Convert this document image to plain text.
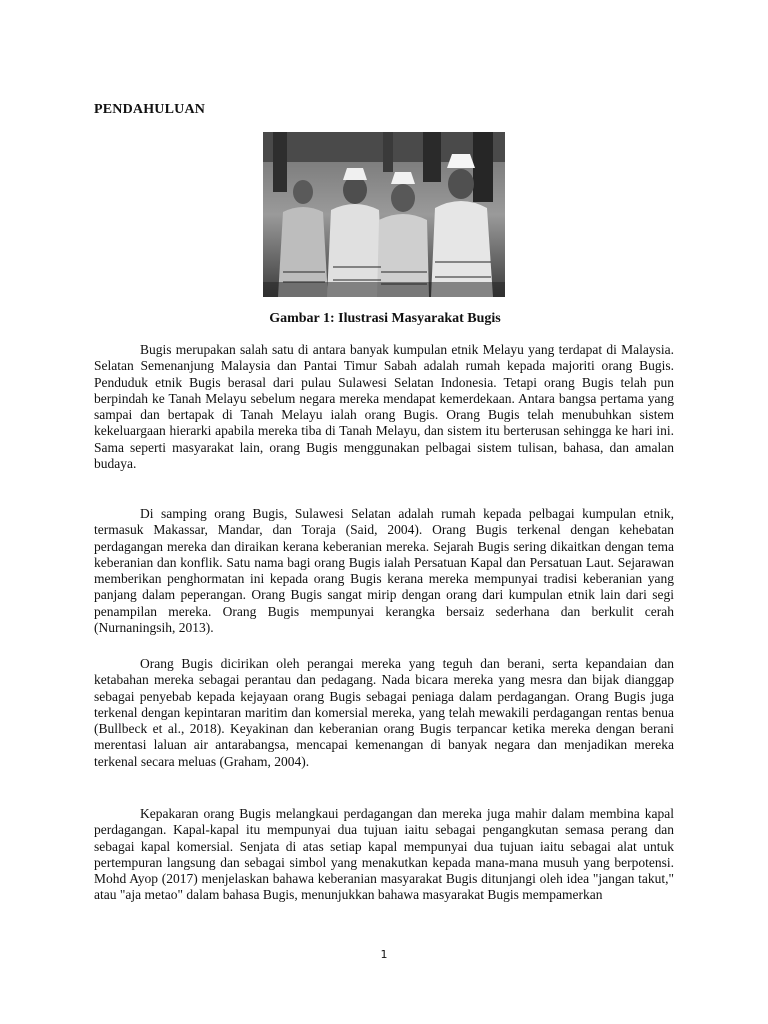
PENDAHULUAN
Gambar 1: Ilustrasi Masyarakat Bugis

Bugis merupakan salah satu di antara banyak kumpulan etnik Melayu yang terdapat di Malaysia. Selatan Semenanjung Malaysia dan Pantai Timur Sabah adalah rumah kepada majoriti orang Bugis. Penduduk etnik Bugis berasal dari pulau Sulawesi Selatan Indonesia. Tetapi orang Bugis telah pun berpindah ke Tanah Melayu sebelum negara mereka mendapat kemerdekaan. Antara bangsa pertama yang sampai dan bertapak di Tanah Melayu ialah orang Bugis. Orang Bugis telah menubuhkan sistem kekeluargaan hierarki apabila mereka tiba di Tanah Melayu, dan sistem itu berterusan sehingga ke hari ini. Sama seperti masyarakat lain, orang Bugis menggunakan pelbagai sistem tulisan, bahasa, dan amalan budaya.

Di samping orang Bugis, Sulawesi Selatan adalah rumah kepada pelbagai kumpulan etnik, termasuk Makassar, Mandar, dan Toraja (Said, 2004). Orang Bugis terkenal dengan kehebatan perdagangan mereka dan diraikan kerana keberanian mereka. Sejarah Bugis sering dikaitkan dengan tema keberanian dan konflik. Satu nama bagi orang Bugis ialah Persatuan Kapal dan Persatuan Laut. Sejarawan memberikan penghormatan ini kepada orang Bugis kerana mereka mempunyai tradisi keberanian yang panjang dalam peperangan. Orang Bugis sangat mirip dengan orang dari kumpulan etnik lain dari segi penampilan mereka. Orang Bugis mempunyai kerangka bersaiz sederhana dan berkulit cerah (Nurnaningsih, 2013).

Orang Bugis dicirikan oleh perangai mereka yang teguh dan berani, serta kepandaian dan ketabahan mereka sebagai perantau dan pedagang. Nada bicara mereka yang mesra dan bijak dianggap sebagai penyebab kepada kejayaan orang Bugis sebagai peniaga dalam perdagangan. Orang Bugis juga terkenal dengan kepintaran maritim dan komersial mereka, yang telah mewakili perdagangan rentas benua (Bullbeck et al., 2018). Keyakinan dan keberanian orang Bugis terpancar ketika mereka dengan berani merentasi laluan air antarabangsa, mencapai kemenangan di banyak negara dan menjadikan mereka terkenal secara meluas (Graham, 2004).

Kepakaran orang Bugis melangkaui perdagangan dan mereka juga mahir dalam membina kapal perdagangan. Kapal-kapal itu mempunyai dua tujuan iaitu sebagai pengangkutan semasa perang dan sebagai kapal komersial. Senjata di atas setiap kapal mempunyai dua tujuan iaitu sebagai alat untuk pertempuran langsung dan sebagai simbol yang menakutkan kepada mana-mana musuh yang berpotensi. Mohd Ayop (2017) menjelaskan bahawa keberanian masyarakat Bugis ditunjangi oleh idea "jangan takut," atau "aja metao" dalam bahasa Bugis, menunjukkan bahawa masyarakat Bugis mempamerkan

1
